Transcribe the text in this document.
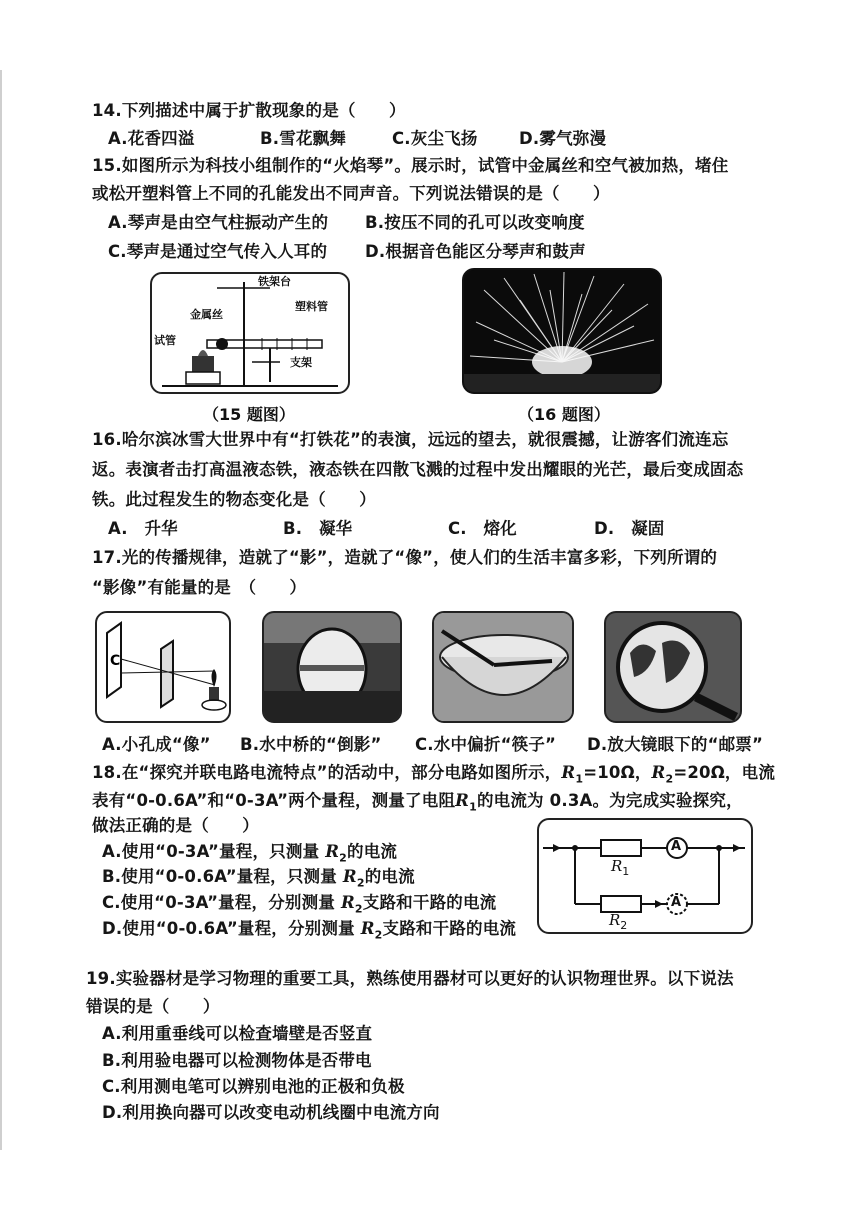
14.下列描述中属于扩散现象的是（　　）
A.花香四溢	B.雪花飘舞	C.灰尘飞扬	D.雾气弥漫
15.如图所示为科技小组制作的“火焰琴”。展示时，试管中金属丝和空气被加热，堵住
或松开塑料管上不同的孔能发出不同声音。下列说法错误的是（　　）
A.琴声是由空气柱振动产生的 B.按压不同的孔可以改变响度
C.琴声是通过空气传入人耳的 D.根据音色能区分琴声和鼓声
铁架台
金属丝
塑料管
试管
支架
（15 题图）	（16 题图）
16.哈尔滨冰雪大世界中有“打铁花”的表演，远远的望去，就很震撼，让游客们流连忘
返。表演者击打高温液态铁，液态铁在四散飞溅的过程中发出耀眼的光芒，最后变成固态
铁。此过程发生的物态变化是（　　）
A.　升华	B.　凝华	C.　熔化	D.　凝固
17.光的传播规律，造就了“影”，造就了“像”，使人们的生活丰富多彩，下列所谓的
“影像”有能量的是　（　　）
C
A.小孔成“像” B.水中桥的“倒影” C.水中偏折“筷子” D.放大镜眼下的“邮票”
18.在“探究并联电路电流特点”的活动中，部分电路如图所示，$R_1=10\Omega$，$R_2=20\Omega$，电流
表有“0-0.6A”和“0-3A”两个量程，测量了电阻$R_1$的电流为 0.3A。为完成实验探究，
做法正确的是（　　）
A.使用“0-3A”量程，只测量 $R_2$的电流
B.使用“0-0.6A”量程，只测量 $R_2$的电流
C.使用“0-3A”量程，分别测量 $R_2$支路和干路的电流
D.使用“0-0.6A”量程，分别测量 $R_2$支路和干路的电流
A
A
$R_1$
$R_2$
19.实验器材是学习物理的重要工具，熟练使用器材可以更好的认识物理世界。以下说法
错误的是（　　）
A.利用重垂线可以检查墙壁是否竖直
B.利用验电器可以检测物体是否带电
C.利用测电笔可以辨别电池的正极和负极
D.利用换向器可以改变电动机线圈中电流方向
